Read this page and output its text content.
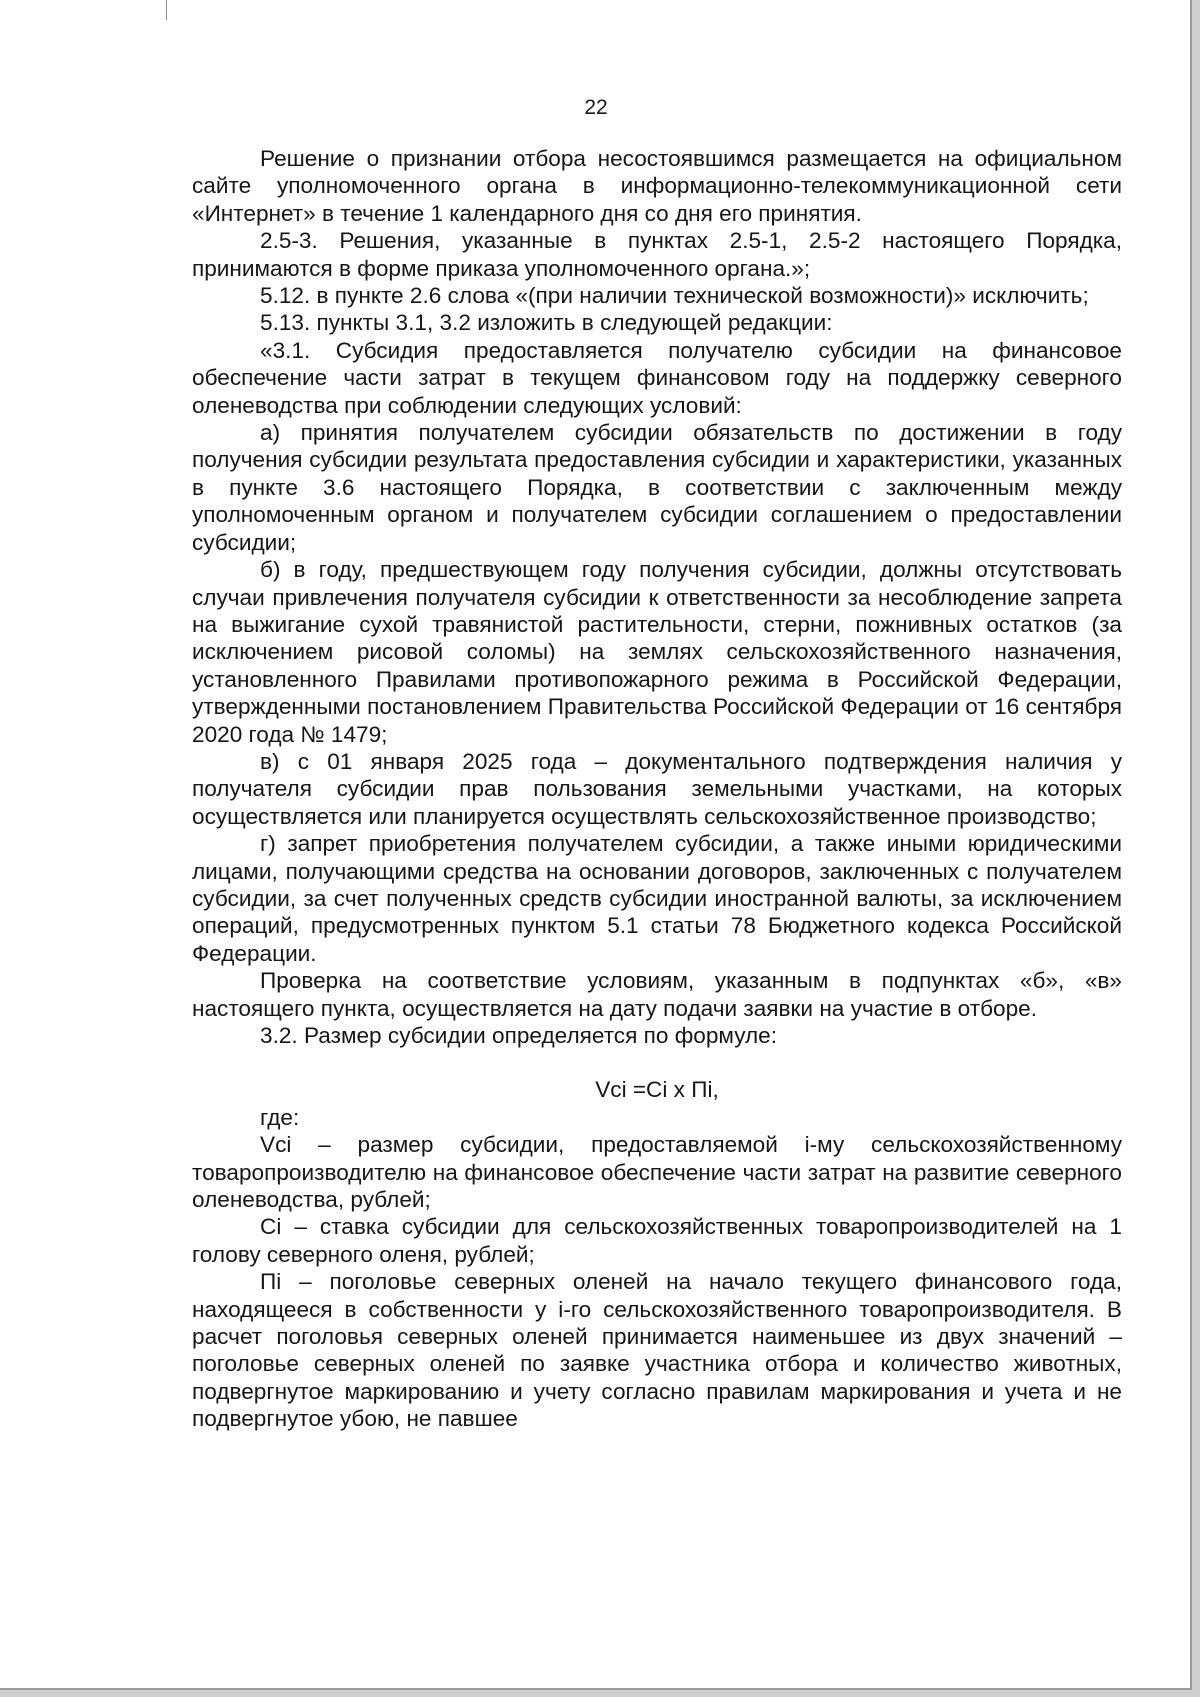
22

Решение о признании отбора несостоявшимся размещается на официальном сайте уполномоченного органа в информационно-телекоммуникационной сети «Интернет» в течение 1 календарного дня со дня его принятия.

2.5-3. Решения, указанные в пунктах 2.5-1, 2.5-2 настоящего Порядка, принимаются в форме приказа уполномоченного органа.»;

5.12. в пункте 2.6 слова «(при наличии технической возможности)» исключить;

5.13. пункты 3.1, 3.2 изложить в следующей редакции:

«3.1. Субсидия предоставляется получателю субсидии на финансовое обеспечение части затрат в текущем финансовом году на поддержку северного оленеводства при соблюдении следующих условий:

а) принятия получателем субсидии обязательств по достижении в году получения субсидии результата предоставления субсидии и характеристики, указанных в пункте 3.6 настоящего Порядка, в соответствии с заключенным между уполномоченным органом и получателем субсидии соглашением о предоставлении субсидии;

б) в году, предшествующем году получения субсидии, должны отсутствовать случаи привлечения получателя субсидии к ответственности за несоблюдение запрета на выжигание сухой травянистой растительности, стерни, пожнивных остатков (за исключением рисовой соломы) на землях сельскохозяйственного назначения, установленного Правилами противопожарного режима в Российской Федерации, утвержденными постановлением Правительства Российской Федерации от 16 сентября 2020 года № 1479;

в) с 01 января 2025 года – документального подтверждения наличия у получателя субсидии прав пользования земельными участками, на которых осуществляется или планируется осуществлять сельскохозяйственное производство;

г) запрет приобретения получателем субсидии, а также иными юридическими лицами, получающими средства на основании договоров, заключенных с получателем субсидии, за счет полученных средств субсидии иностранной валюты, за исключением операций, предусмотренных пунктом 5.1 статьи 78 Бюджетного кодекса Российской Федерации.

Проверка на соответствие условиям, указанным в подпунктах «б», «в» настоящего пункта, осуществляется на дату подачи заявки на участие в отборе.

3.2. Размер субсидии определяется по формуле:

Vci =Ci x Пi,

где:

Vci – размер субсидии, предоставляемой i-му сельскохозяйственному товаропроизводителю на финансовое обеспечение части затрат на развитие северного оленеводства, рублей;

Ci – ставка субсидии для сельскохозяйственных товаропроизводителей на 1 голову северного оленя, рублей;

Пi – поголовье северных оленей на начало текущего финансового года, находящееся в собственности у i-го сельскохозяйственного товаропроизводителя. В расчет поголовья северных оленей принимается наименьшее из двух значений – поголовье северных оленей по заявке участника отбора и количество животных, подвергнутое маркированию и учету согласно правилам маркирования и учета и не подвергнутое убою, не павшее
